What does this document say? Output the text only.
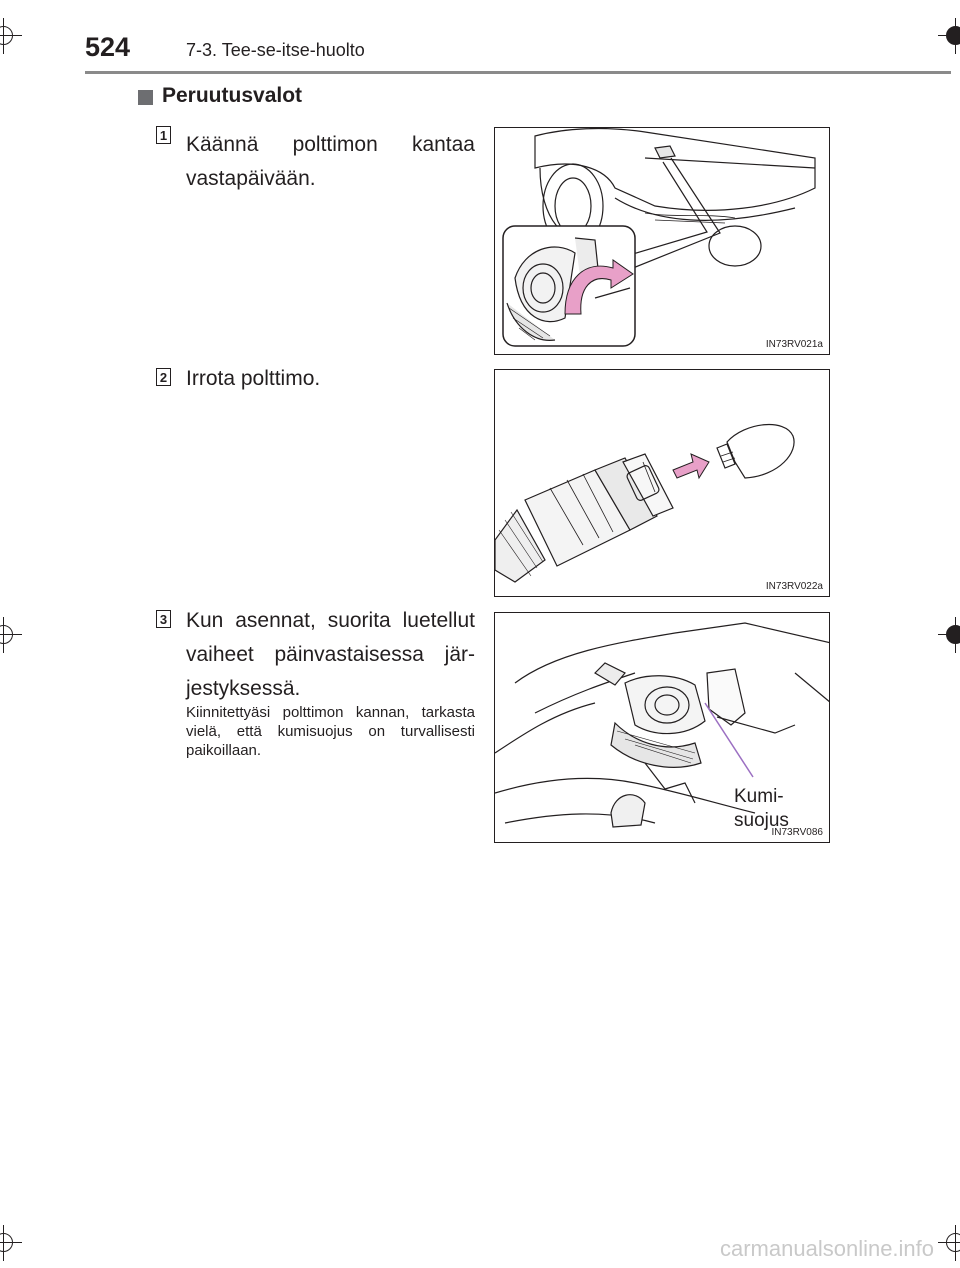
524	7-3. Tee-se-itse-huolto
Peruutusvalot
1 Käännä polttimon kantaa vastapäivään.
2 Irrota polttimo.
3 Kun asennat, suorita luetellut vaiheet päinvastaisessa jär-jestyksessä.
Kiinnitettyäsi polttimon kannan, tarkasta vielä, että kumisuojus on turvallisesti paikoillaan.
IN73RV021a
IN73RV022a
Kumi-
suojus
IN73RV086
carmanualsonline.info
